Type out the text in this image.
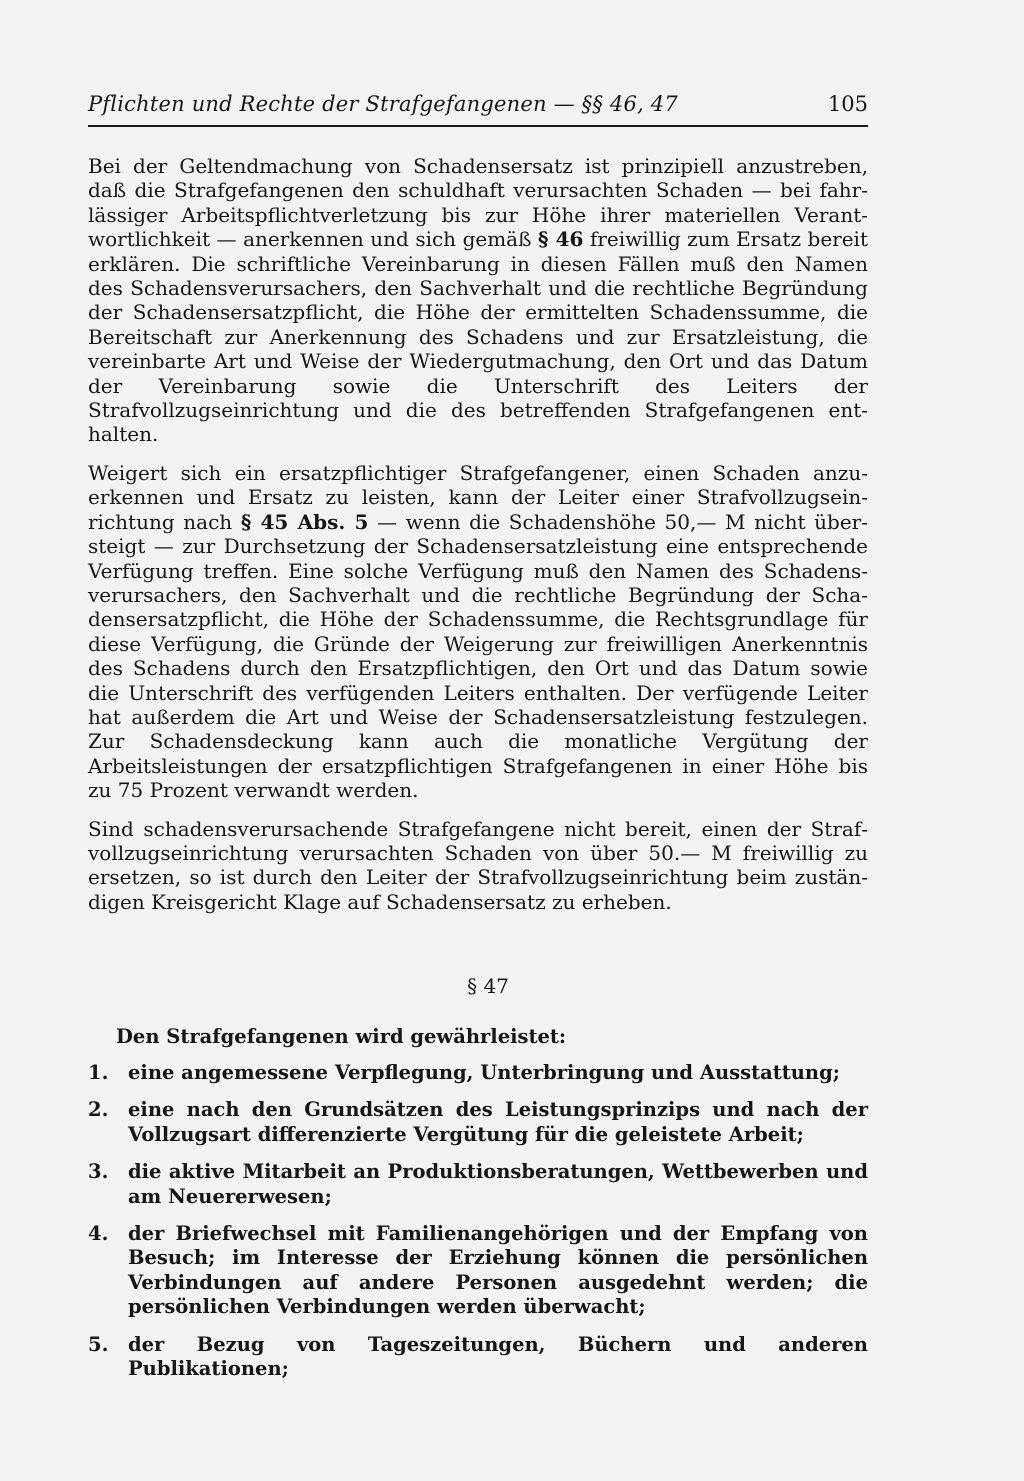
Pflichten und Rechte der Strafgefangenen — §§ 46, 47	105

Bei der Geltendmachung von Schadensersatz ist prinzipiell anzustreben, daß die Strafgefangenen den schuldhaft verursachten Schaden — bei fahrlässiger Arbeitspflichtverletzung bis zur Höhe ihrer materiellen Verantwortlichkeit — anerkennen und sich gemäß § 46 freiwillig zum Ersatz bereit erklären. Die schriftliche Vereinbarung in diesen Fällen muß den Namen des Schadensverursachers, den Sachverhalt und die rechtliche Begründung der Schadensersatzpflicht, die Höhe der ermittelten Schadenssumme, die Bereitschaft zur Anerkennung des Schadens und zur Ersatzleistung, die vereinbarte Art und Weise der Wiedergutmachung, den Ort und das Datum der Vereinbarung sowie die Unterschrift des Leiters der Strafvollzugseinrichtung und die des betreffenden Strafgefangenen enthalten.

Weigert sich ein ersatzpflichtiger Strafgefangener, einen Schaden anzuerkennen und Ersatz zu leisten, kann der Leiter einer Strafvollzugseinrichtung nach § 45 Abs. 5 — wenn die Schadenshöhe 50,— M nicht übersteigt — zur Durchsetzung der Schadensersatzleistung eine entsprechende Verfügung treffen. Eine solche Verfügung muß den Namen des Schadensverursachers, den Sachverhalt und die rechtliche Begründung der Schadensersatzpflicht, die Höhe der Schadenssumme, die Rechtsgrundlage für diese Verfügung, die Gründe der Weigerung zur freiwilligen Anerkenntnis des Schadens durch den Ersatzpflichtigen, den Ort und das Datum sowie die Unterschrift des verfügenden Leiters enthalten. Der verfügende Leiter hat außerdem die Art und Weise der Schadensersatzleistung festzulegen. Zur Schadensdeckung kann auch die monatliche Vergütung der Arbeitsleistungen der ersatzpflichtigen Strafgefangenen in einer Höhe bis zu 75 Prozent verwandt werden.

Sind schadensverursachende Strafgefangene nicht bereit, einen der Strafvollzugseinrichtung verursachten Schaden von über 50.— M freiwillig zu ersetzen, so ist durch den Leiter der Strafvollzugseinrichtung beim zuständigen Kreisgericht Klage auf Schadensersatz zu erheben.

§ 47
Den Strafgefangenen wird gewährleistet:
1. eine angemessene Verpflegung, Unterbringung und Ausstattung;
2. eine nach den Grundsätzen des Leistungsprinzips und nach der Vollzugsart differenzierte Vergütung für die geleistete Arbeit;
3. die aktive Mitarbeit an Produktionsberatungen, Wettbewerben und am Neuererwesen;
4. der Briefwechsel mit Familienangehörigen und der Empfang von Besuch; im Interesse der Erziehung können die persönlichen Verbindungen auf andere Personen ausgedehnt werden; die persönlichen Verbindungen werden überwacht;
5. der Bezug von Tageszeitungen, Büchern und anderen Publikationen;
